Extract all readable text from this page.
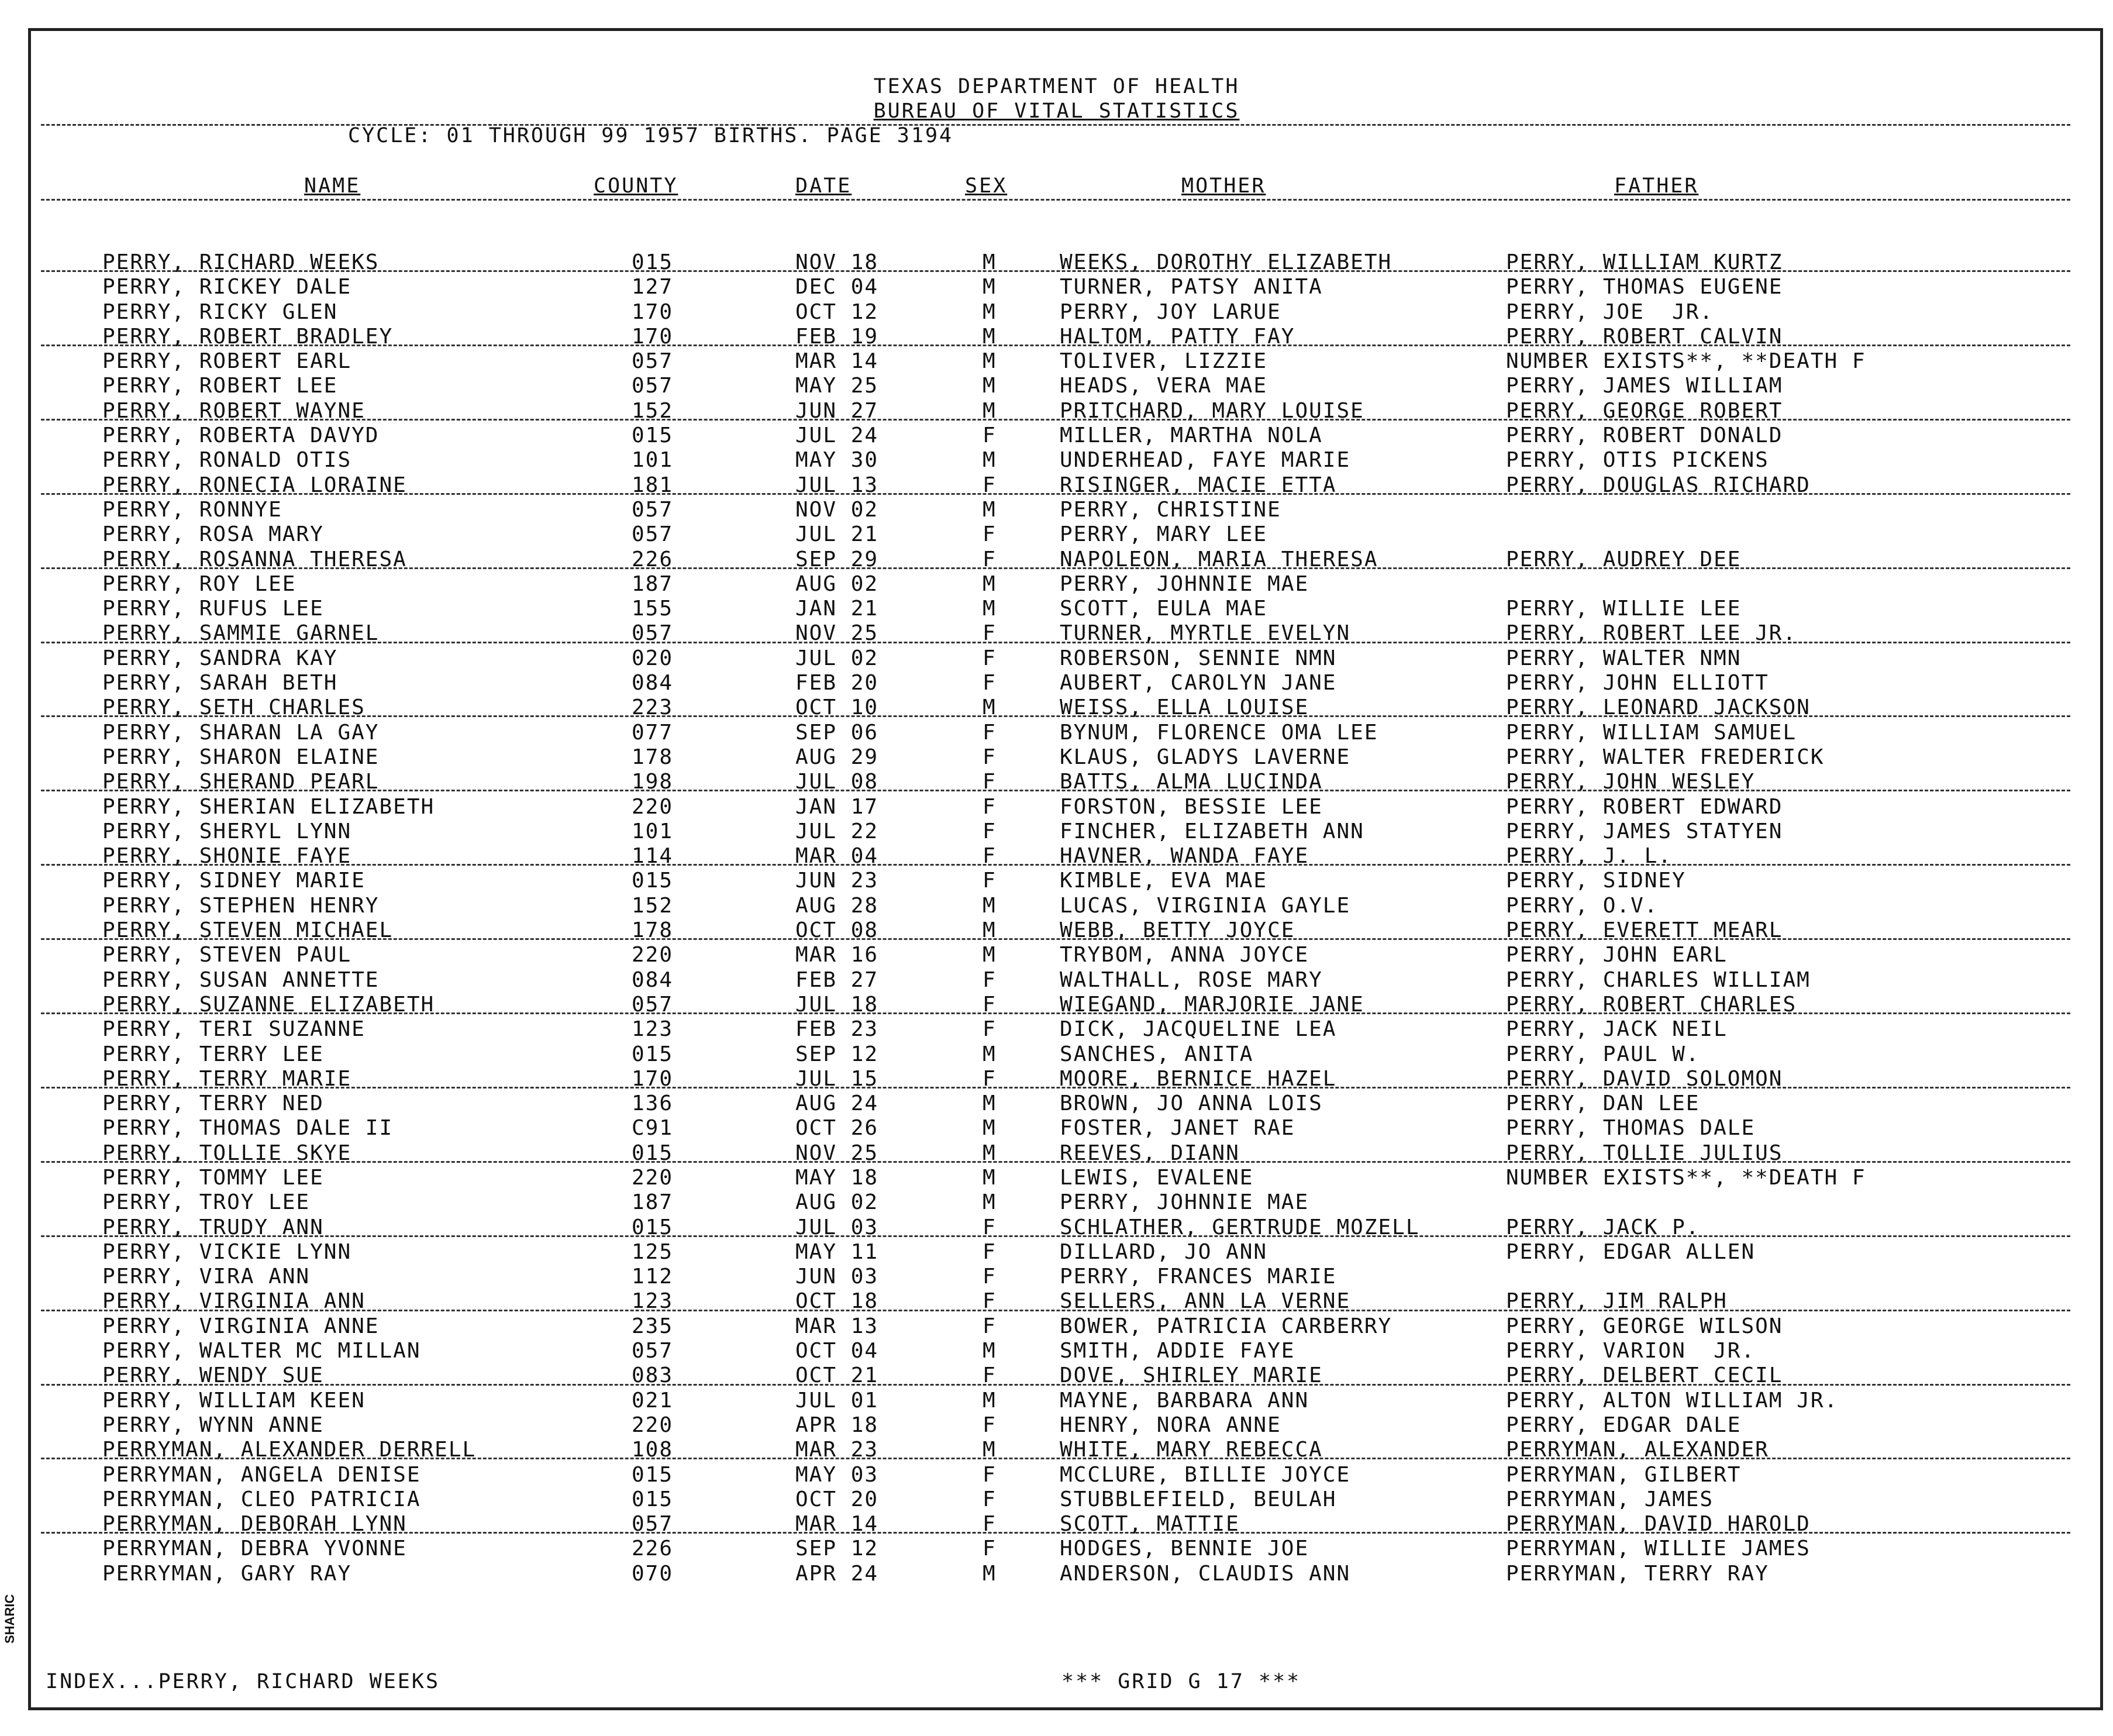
TEXAS DEPARTMENT OF HEALTH
BUREAU OF VITAL STATISTICS
CYCLE: 01 THROUGH 99 1957 BIRTHS. PAGE 3194
NAME	COUNTY	DATE	SEX	MOTHER	FATHER
PERRY, RICHARD WEEKS	015	NOV 18	M	WEEKS, DOROTHY ELIZABETH	PERRY, WILLIAM KURTZ
PERRY, RICKEY DALE	127	DEC 04	M	TURNER, PATSY ANITA	PERRY, THOMAS EUGENE
PERRY, RICKY GLEN	170	OCT 12	M	PERRY, JOY LARUE	PERRY, JOE  JR.
PERRY, ROBERT BRADLEY	170	FEB 19	M	HALTOM, PATTY FAY	PERRY, ROBERT CALVIN
PERRY, ROBERT EARL	057	MAR 14	M	TOLIVER, LIZZIE	NUMBER EXISTS**, **DEATH F
PERRY, ROBERT LEE	057	MAY 25	M	HEADS, VERA MAE	PERRY, JAMES WILLIAM
PERRY, ROBERT WAYNE	152	JUN 27	M	PRITCHARD, MARY LOUISE	PERRY, GEORGE ROBERT
PERRY, ROBERTA DAVYD	015	JUL 24	F	MILLER, MARTHA NOLA	PERRY, ROBERT DONALD
PERRY, RONALD OTIS	101	MAY 30	M	UNDERHEAD, FAYE MARIE	PERRY, OTIS PICKENS
PERRY, RONECIA LORAINE	181	JUL 13	F	RISINGER, MACIE ETTA	PERRY, DOUGLAS RICHARD
PERRY, RONNYE	057	NOV 02	M	PERRY, CHRISTINE
PERRY, ROSA MARY	057	JUL 21	F	PERRY, MARY LEE
PERRY, ROSANNA THERESA	226	SEP 29	F	NAPOLEON, MARIA THERESA	PERRY, AUDREY DEE
PERRY, ROY LEE	187	AUG 02	M	PERRY, JOHNNIE MAE
PERRY, RUFUS LEE	155	JAN 21	M	SCOTT, EULA MAE	PERRY, WILLIE LEE
PERRY, SAMMIE GARNEL	057	NOV 25	F	TURNER, MYRTLE EVELYN	PERRY, ROBERT LEE JR.
PERRY, SANDRA KAY	020	JUL 02	F	ROBERSON, SENNIE NMN	PERRY, WALTER NMN
PERRY, SARAH BETH	084	FEB 20	F	AUBERT, CAROLYN JANE	PERRY, JOHN ELLIOTT
PERRY, SETH CHARLES	223	OCT 10	M	WEISS, ELLA LOUISE	PERRY, LEONARD JACKSON
PERRY, SHARAN LA GAY	077	SEP 06	F	BYNUM, FLORENCE OMA LEE	PERRY, WILLIAM SAMUEL
PERRY, SHARON ELAINE	178	AUG 29	F	KLAUS, GLADYS LAVERNE	PERRY, WALTER FREDERICK
PERRY, SHERAND PEARL	198	JUL 08	F	BATTS, ALMA LUCINDA	PERRY, JOHN WESLEY
PERRY, SHERIAN ELIZABETH	220	JAN 17	F	FORSTON, BESSIE LEE	PERRY, ROBERT EDWARD
PERRY, SHERYL LYNN	101	JUL 22	F	FINCHER, ELIZABETH ANN	PERRY, JAMES STATYEN
PERRY, SHONIE FAYE	114	MAR 04	F	HAVNER, WANDA FAYE	PERRY, J. L.
PERRY, SIDNEY MARIE	015	JUN 23	F	KIMBLE, EVA MAE	PERRY, SIDNEY
PERRY, STEPHEN HENRY	152	AUG 28	M	LUCAS, VIRGINIA GAYLE	PERRY, O.V.
PERRY, STEVEN MICHAEL	178	OCT 08	M	WEBB, BETTY JOYCE	PERRY, EVERETT MEARL
PERRY, STEVEN PAUL	220	MAR 16	M	TRYBOM, ANNA JOYCE	PERRY, JOHN EARL
PERRY, SUSAN ANNETTE	084	FEB 27	F	WALTHALL, ROSE MARY	PERRY, CHARLES WILLIAM
PERRY, SUZANNE ELIZABETH	057	JUL 18	F	WIEGAND, MARJORIE JANE	PERRY, ROBERT CHARLES
PERRY, TERI SUZANNE	123	FEB 23	F	DICK, JACQUELINE LEA	PERRY, JACK NEIL
PERRY, TERRY LEE	015	SEP 12	M	SANCHES, ANITA	PERRY, PAUL W.
PERRY, TERRY MARIE	170	JUL 15	F	MOORE, BERNICE HAZEL	PERRY, DAVID SOLOMON
PERRY, TERRY NED	136	AUG 24	M	BROWN, JO ANNA LOIS	PERRY, DAN LEE
PERRY, THOMAS DALE II	C91	OCT 26	M	FOSTER, JANET RAE	PERRY, THOMAS DALE
PERRY, TOLLIE SKYE	015	NOV 25	M	REEVES, DIANN	PERRY, TOLLIE JULIUS
PERRY, TOMMY LEE	220	MAY 18	M	LEWIS, EVALENE	NUMBER EXISTS**, **DEATH F
PERRY, TROY LEE	187	AUG 02	M	PERRY, JOHNNIE MAE
PERRY, TRUDY ANN	015	JUL 03	F	SCHLATHER, GERTRUDE MOZELL	PERRY, JACK P.
PERRY, VICKIE LYNN	125	MAY 11	F	DILLARD, JO ANN	PERRY, EDGAR ALLEN
PERRY, VIRA ANN	112	JUN 03	F	PERRY, FRANCES MARIE
PERRY, VIRGINIA ANN	123	OCT 18	F	SELLERS, ANN LA VERNE	PERRY, JIM RALPH
PERRY, VIRGINIA ANNE	235	MAR 13	F	BOWER, PATRICIA CARBERRY	PERRY, GEORGE WILSON
PERRY, WALTER MC MILLAN	057	OCT 04	M	SMITH, ADDIE FAYE	PERRY, VARION  JR.
PERRY, WENDY SUE	083	OCT 21	F	DOVE, SHIRLEY MARIE	PERRY, DELBERT CECIL
PERRY, WILLIAM KEEN	021	JUL 01	M	MAYNE, BARBARA ANN	PERRY, ALTON WILLIAM JR.
PERRY, WYNN ANNE	220	APR 18	F	HENRY, NORA ANNE	PERRY, EDGAR DALE
PERRYMAN, ALEXANDER DERRELL	108	MAR 23	M	WHITE, MARY REBECCA	PERRYMAN, ALEXANDER
PERRYMAN, ANGELA DENISE	015	MAY 03	F	MCCLURE, BILLIE JOYCE	PERRYMAN, GILBERT
PERRYMAN, CLEO PATRICIA	015	OCT 20	F	STUBBLEFIELD, BEULAH	PERRYMAN, JAMES
PERRYMAN, DEBORAH LYNN	057	MAR 14	F	SCOTT, MATTIE	PERRYMAN, DAVID HAROLD
PERRYMAN, DEBRA YVONNE	226	SEP 12	F	HODGES, BENNIE JOE	PERRYMAN, WILLIE JAMES
PERRYMAN, GARY RAY	070	APR 24	M	ANDERSON, CLAUDIS ANN	PERRYMAN, TERRY RAY
INDEX...PERRY, RICHARD WEEKS	*** GRID G 17 ***
SHARIC
